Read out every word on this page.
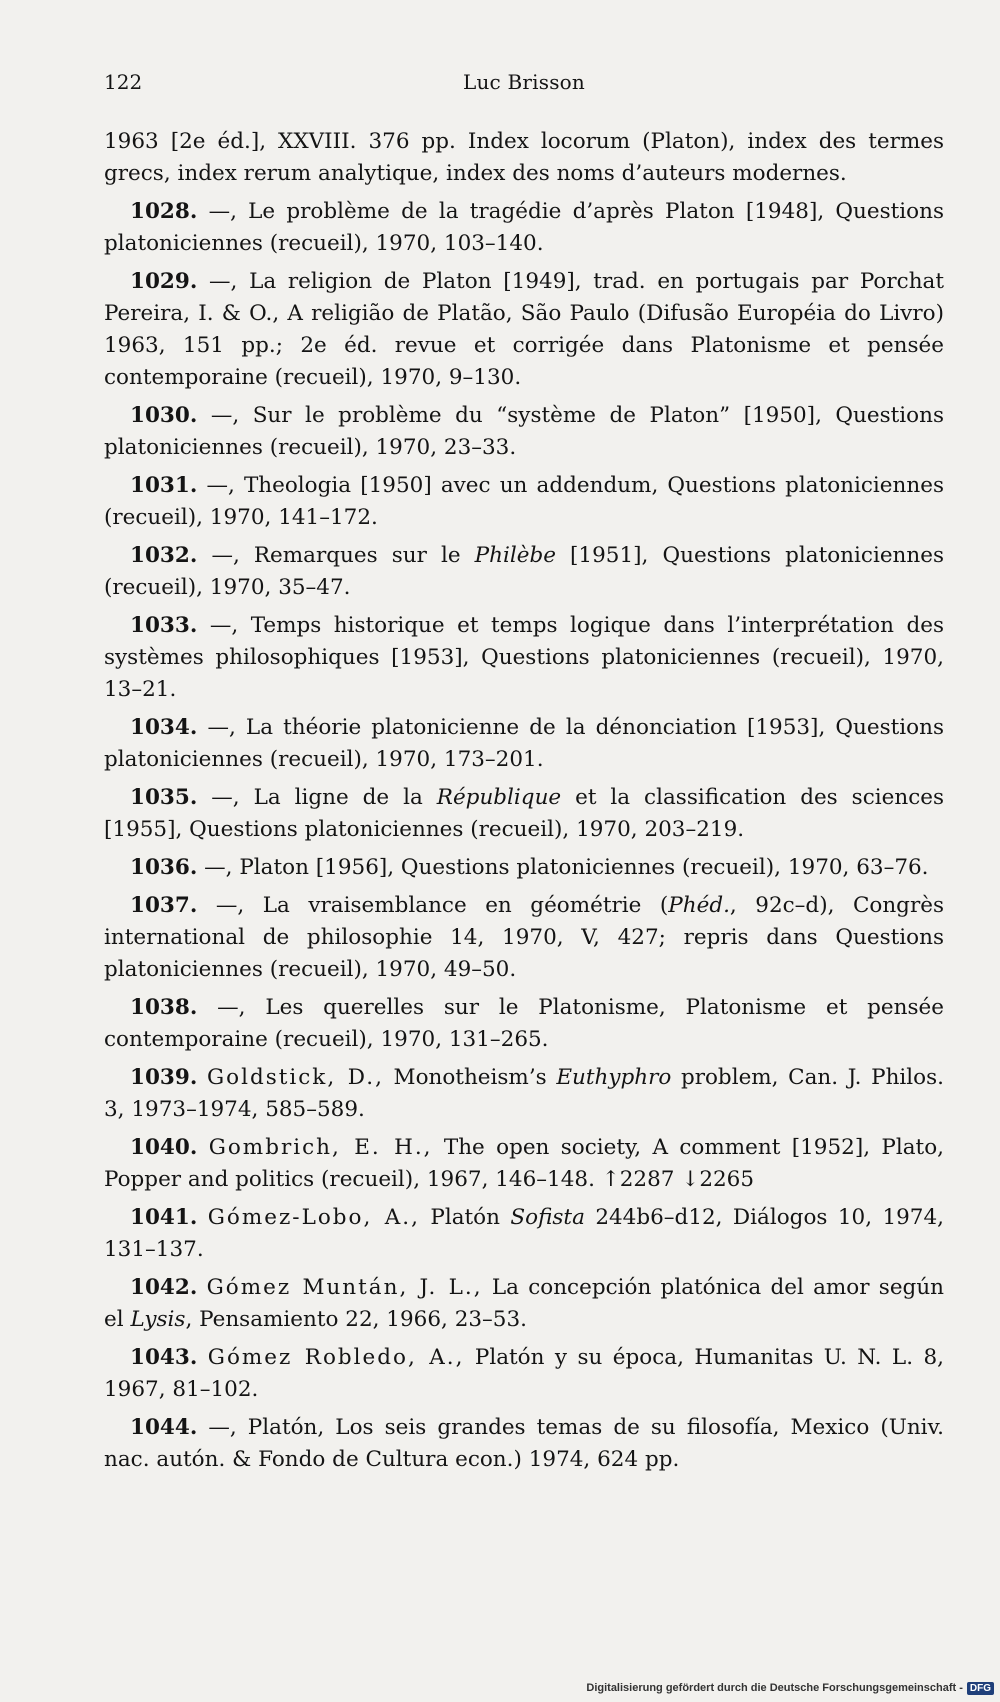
122	Luc Brisson

1963 [2e éd.], XXVIII. 376 pp. Index locorum (Platon), index des termes grecs, index rerum analytique, index des noms d’auteurs modernes.

1028. —, Le problème de la tragédie d’après Platon [1948], Questions platoniciennes (recueil), 1970, 103–140.

1029. —, La religion de Platon [1949], trad. en portugais par Porchat Pereira, I. & O., A religião de Platão, São Paulo (Difusão Européia do Livro) 1963, 151 pp.; 2e éd. revue et corrigée dans Platonisme et pensée contemporaine (recueil), 1970, 9–130.

1030. —, Sur le problème du “système de Platon” [1950], Questions platoniciennes (recueil), 1970, 23–33.

1031. —, Theologia [1950] avec un addendum, Questions platoniciennes (recueil), 1970, 141–172.

1032. —, Remarques sur le Philèbe [1951], Questions platoniciennes (recueil), 1970, 35–47.

1033. —, Temps historique et temps logique dans l’interprétation des systèmes philosophiques [1953], Questions platoniciennes (recueil), 1970, 13–21.

1034. —, La théorie platonicienne de la dénonciation [1953], Questions platoniciennes (recueil), 1970, 173–201.

1035. —, La ligne de la République et la classification des sciences [1955], Questions platoniciennes (recueil), 1970, 203–219.

1036. —, Platon [1956], Questions platoniciennes (recueil), 1970, 63–76.

1037. —, La vraisemblance en géométrie (Phéd., 92c–d), Congrès international de philosophie 14, 1970, V, 427; repris dans Questions platoniciennes (recueil), 1970, 49–50.

1038. —, Les querelles sur le Platonisme, Platonisme et pensée contemporaine (recueil), 1970, 131–265.

1039. Goldstick, D., Monotheism’s Euthyphro problem, Can. J. Philos. 3, 1973–1974, 585–589.

1040. Gombrich, E. H., The open society, A comment [1952], Plato, Popper and politics (recueil), 1967, 146–148. ↑2287 ↓2265

1041. Gómez-Lobo, A., Platón Sofista 244b6–d12, Diálogos 10, 1974, 131–137.

1042. Gómez Muntán, J. L., La concepción platónica del amor según el Lysis, Pensamiento 22, 1966, 23–53.

1043. Gómez Robledo, A., Platón y su época, Humanitas U. N. L. 8, 1967, 81–102.

1044. —, Platón, Los seis grandes temas de su filosofía, Mexico (Univ. nac. autón. & Fondo de Cultura econ.) 1974, 624 pp.

Digitalisierung gefördert durch die Deutsche Forschungsgemeinschaft - DFG
